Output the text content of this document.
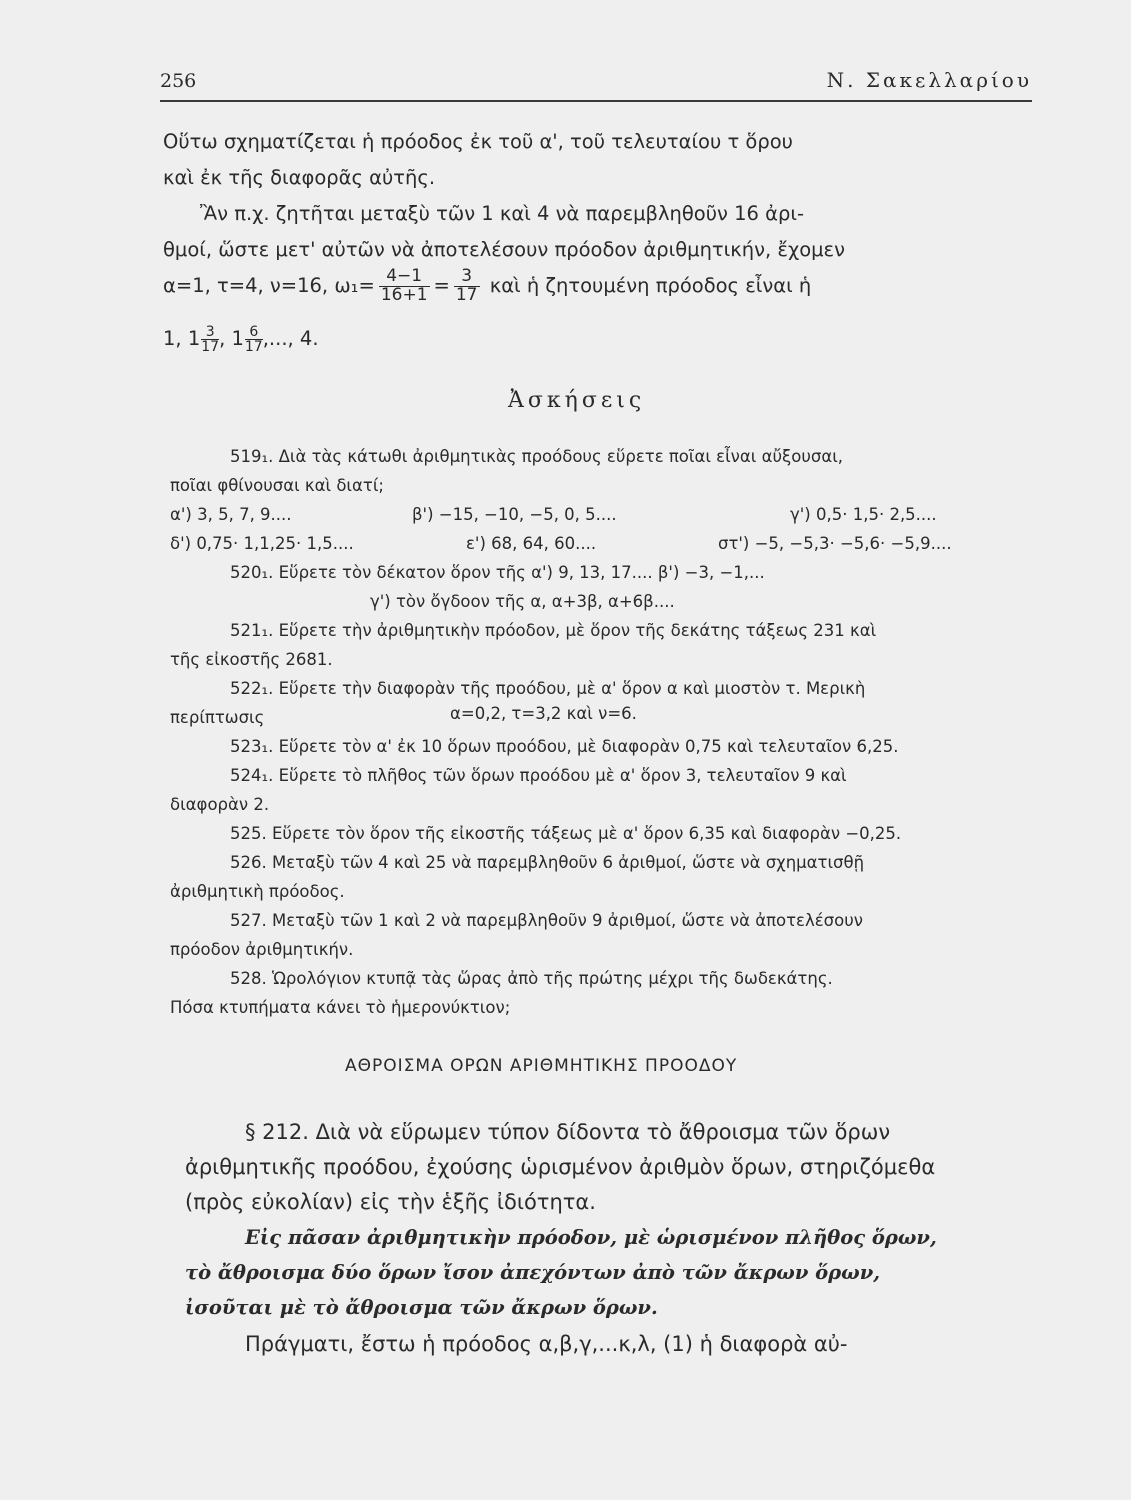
256	Ν. Σακελλαρίου
Οὕτω σχηματίζεται ἡ πρόοδος ἐκ τοῦ α', τοῦ τελευταίου τ ὅρου
καὶ ἐκ τῆς διαφορᾶς αὐτῆς.
Ἂν π.χ. ζητῆται μεταξὺ τῶν 1 καὶ 4 νὰ παρεμβληθοῦν 16 ἀρι-
θμοί, ὥστε μετ' αὐτῶν νὰ ἀποτελέσουν πρόοδον ἀριθμητικήν, ἔχομεν
α=1, τ=4, ν=16, $\omega_1= \frac{4-1}{16+1} = \frac{3}{17}$ καὶ ἡ ζητουμένη πρόοδος εἶναι ἡ
1, $1 \frac{3}{17}$ , $1 \frac{6}{17}$ ,..., 4.
Ἀσκήσεις
519₁. Διὰ τὰς κάτωθι ἀριθμητικὰς προόδους εὕρετε ποῖαι εἶναι αὔξουσαι,
ποῖαι φθίνουσαι καὶ διατί;
α') 3, 5, 7, 9....	β') −15, −10, −5, 0, 5....	γ') 0,5· 1,5· 2,5....
δ') 0,75· 1,1,25· 1,5....	ε') 68, 64, 60....	στ') −5, −5,3· −5,6· −5,9....
520₁. Εὕρετε τὸν δέκατον ὅρον τῆς α') 9, 13, 17.... β') −3, −1,...
γ') τὸν ὄγδοον τῆς α, α+3β, α+6β....
521₁. Εὕρετε τὴν ἀριθμητικὴν πρόοδον, μὲ ὅρον τῆς δεκάτης τάξεως 231 καὶ
τῆς εἰκοστῆς 2681.
522₁. Εὕρετε τὴν διαφορὰν τῆς προόδου, μὲ α' ὅρον α καὶ μιοστὸν τ. Μερικὴ
περίπτωσις	α=0,2, τ=3,2 καὶ ν=6.
523₁. Εὕρετε τὸν α' ἐκ 10 ὅρων προόδου, μὲ διαφορὰν 0,75 καὶ τελευταῖον 6,25.
524₁. Εὕρετε τὸ πλῆθος τῶν ὅρων προόδου μὲ α' ὅρον 3, τελευταῖον 9 καὶ
διαφορὰν 2.
525. Εὕρετε τὸν ὅρον τῆς εἰκοστῆς τάξεως μὲ α' ὅρον 6,35 καὶ διαφορὰν −0,25.
526. Μεταξὺ τῶν 4 καὶ 25 νὰ παρεμβληθοῦν 6 ἀριθμοί, ὥστε νὰ σχηματισθῇ
ἀριθμητικὴ πρόοδος.
527. Μεταξὺ τῶν 1 καὶ 2 νὰ παρεμβληθοῦν 9 ἀριθμοί, ὥστε νὰ ἀποτελέσουν
πρόοδον ἀριθμητικήν.
528. Ὡρολόγιον κτυπᾷ τὰς ὥρας ἀπὸ τῆς πρώτης μέχρι τῆς δωδεκάτης.
Πόσα κτυπήματα κάνει τὸ ἡμερονύκτιον;
ΑΘΡΟΙΣΜΑ ΟΡΩΝ ΑΡΙΘΜΗΤΙΚΗΣ ΠΡΟΟΔΟΥ
§ 212. Διὰ νὰ εὕρωμεν τύπον δίδοντα τὸ ἄθροισμα τῶν ὅρων
ἀριθμητικῆς προόδου, ἐχούσης ὡρισμένον ἀριθμὸν ὅρων, στηριζόμεθα
(πρὸς εὐκολίαν) εἰς τὴν ἑξῆς ἰδιότητα.
Εἰς πᾶσαν ἀριθμητικὴν πρόοδον, μὲ ὡρισμένον πλῆθος ὅρων,
τὸ ἄθροισμα δύο ὅρων ἴσον ἀπεχόντων ἀπὸ τῶν ἄκρων ὅρων,
ἰσοῦται μὲ τὸ ἄθροισμα τῶν ἄκρων ὅρων.
Πράγματι, ἔστω ἡ πρόοδος α,β,γ,...κ,λ, (1) ἡ διαφορὰ αὐ-
